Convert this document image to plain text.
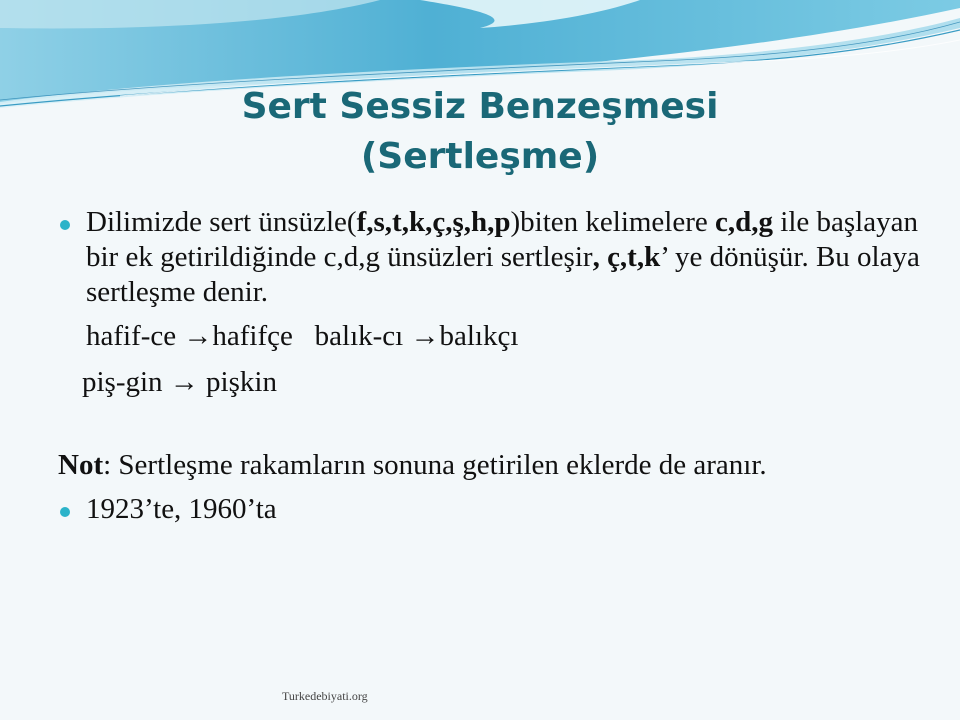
Sert Sessiz Benzeşmesi
(Sertleşme)
Dilimizde sert ünsüzle(f,s,t,k,ç,ş,h,p)biten kelimelere c,d,g ile başlayan bir ek getirildiğinde c,d,g ünsüzleri sertleşir, ç,t,k’ ye dönüşür. Bu olaya sertleşme denir.
hafif-ce →hafifçe balık-cı →balıkçı
piş-gin → pişkin
Not: Sertleşme rakamların sonuna getirilen eklerde de aranır.
1923’te, 1960’ta
Turkedebiyati.org
